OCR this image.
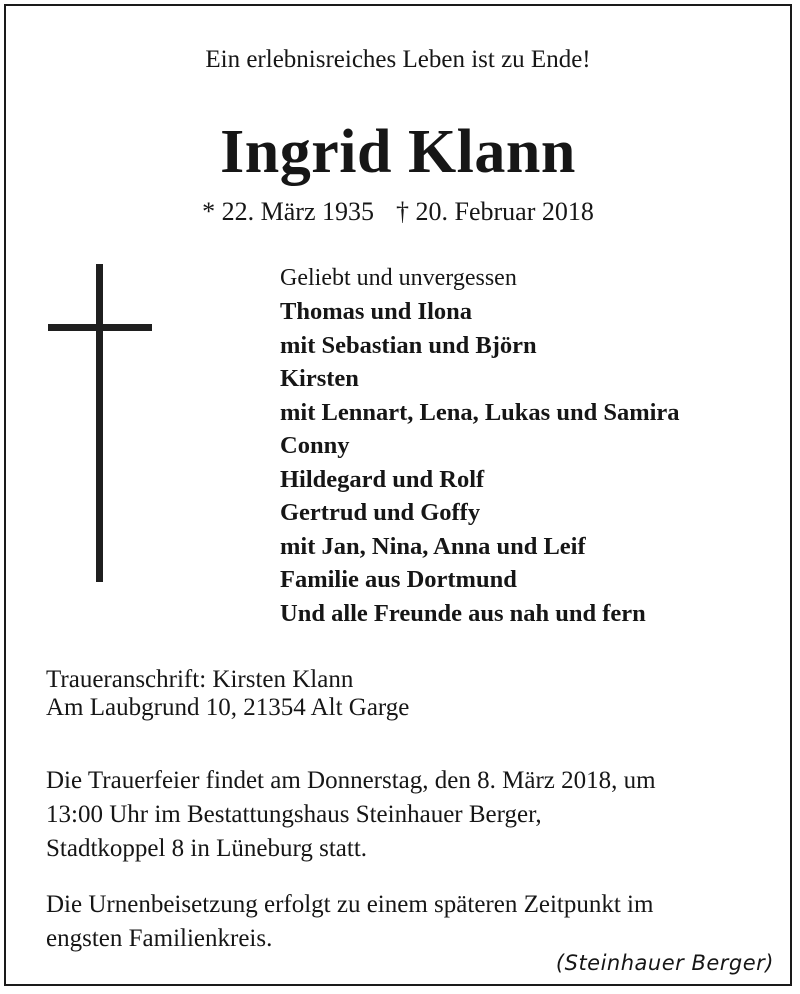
Ein erlebnisreiches Leben ist zu Ende!
Ingrid Klann
* 22. März 1935 † 20. Februar 2018
Geliebt und unvergessen
Thomas und Ilona
mit Sebastian und Björn
Kirsten
mit Lennart, Lena, Lukas und Samira
Conny
Hildegard und Rolf
Gertrud und Goffy
mit Jan, Nina, Anna und Leif
Familie aus Dortmund
Und alle Freunde aus nah und fern
Traueranschrift: Kirsten Klann
Am Laubgrund 10, 21354 Alt Garge
Die Trauerfeier findet am Donnerstag, den 8. März 2018, um
13:00 Uhr im Bestattungshaus Steinhauer Berger,
Stadtkoppel 8 in Lüneburg statt.
Die Urnenbeisetzung erfolgt zu einem späteren Zeitpunkt im
engsten Familienkreis.
(Steinhauer Berger)
